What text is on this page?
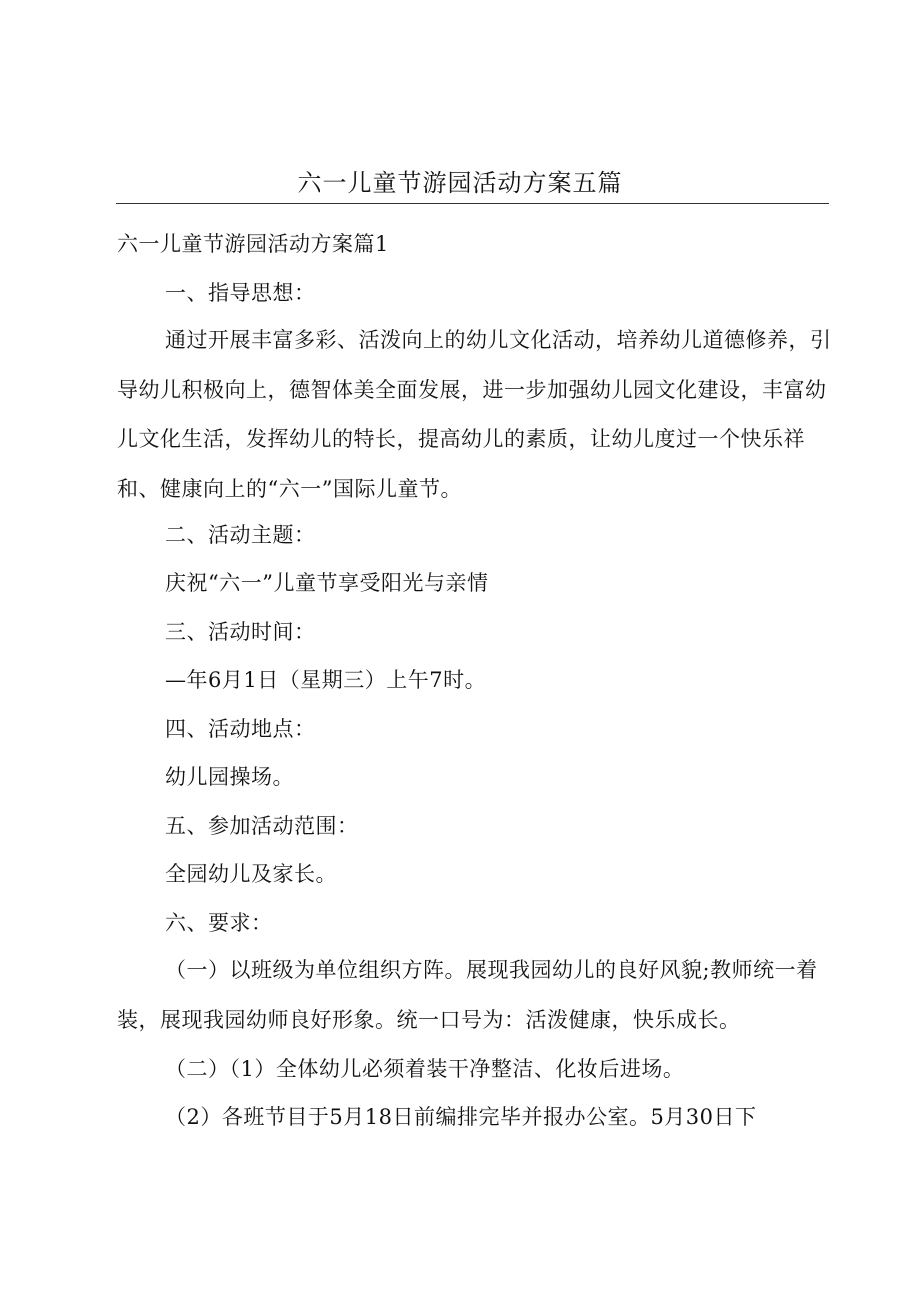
六一儿童节游园活动方案五篇
六一儿童节游园活动方案篇1
一、指导思想：
通过开展丰富多彩、活泼向上的幼儿文化活动，培养幼儿道德修养，引导幼儿积极向上，德智体美全面发展，进一步加强幼儿园文化建设，丰富幼儿文化生活，发挥幼儿的特长，提高幼儿的素质，让幼儿度过一个快乐祥和、健康向上的“六一”国际儿童节。
二、活动主题：
庆祝“六一”儿童节享受阳光与亲情
三、活动时间：
—年6月1日（星期三）上午7时。
四、活动地点：
幼儿园操场。
五、参加活动范围：
全园幼儿及家长。
六、要求：
（一）以班级为单位组织方阵。展现我园幼儿的良好风貌;教师统一着装，展现我园幼师良好形象。统一口号为：活泼健康，快乐成长。
（二）（1）全体幼儿必须着装干净整洁、化妆后进场。
（2）各班节目于5月18日前编排完毕并报办公室。5月30日下
